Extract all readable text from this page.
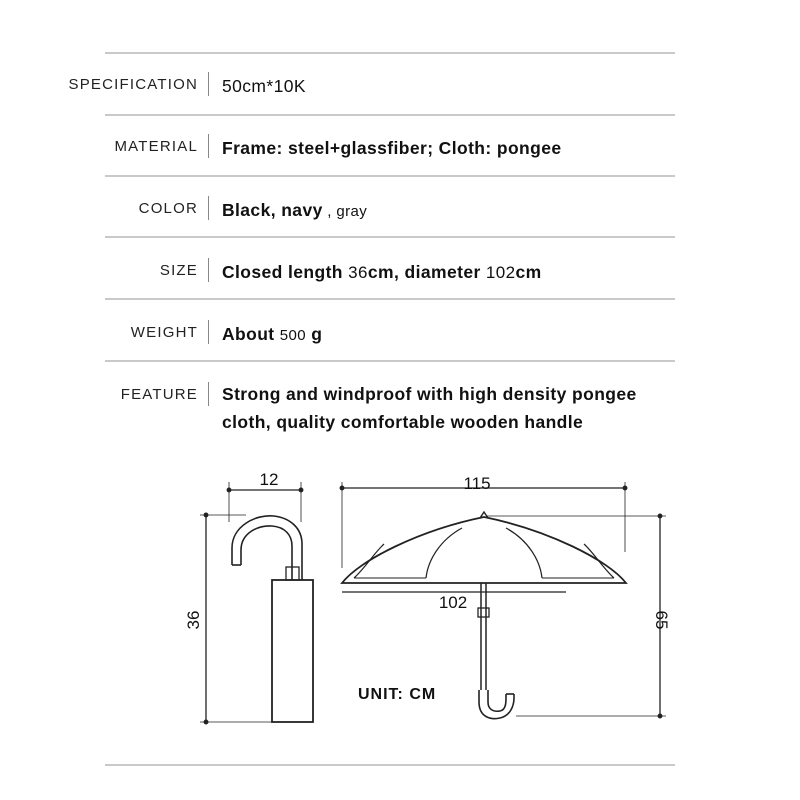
SPECIFICATION 50cm*10K
MATERIAL Frame: steel+glassfiber; Cloth: pongee
COLOR Black, navy , gray
SIZE Closed length 36cm, diameter 102cm
WEIGHT About 500 g
FEATURE Strong and windproof with high density pongee cloth, quality comfortable wooden handle
12
36
115
102
65
UNIT: CM
